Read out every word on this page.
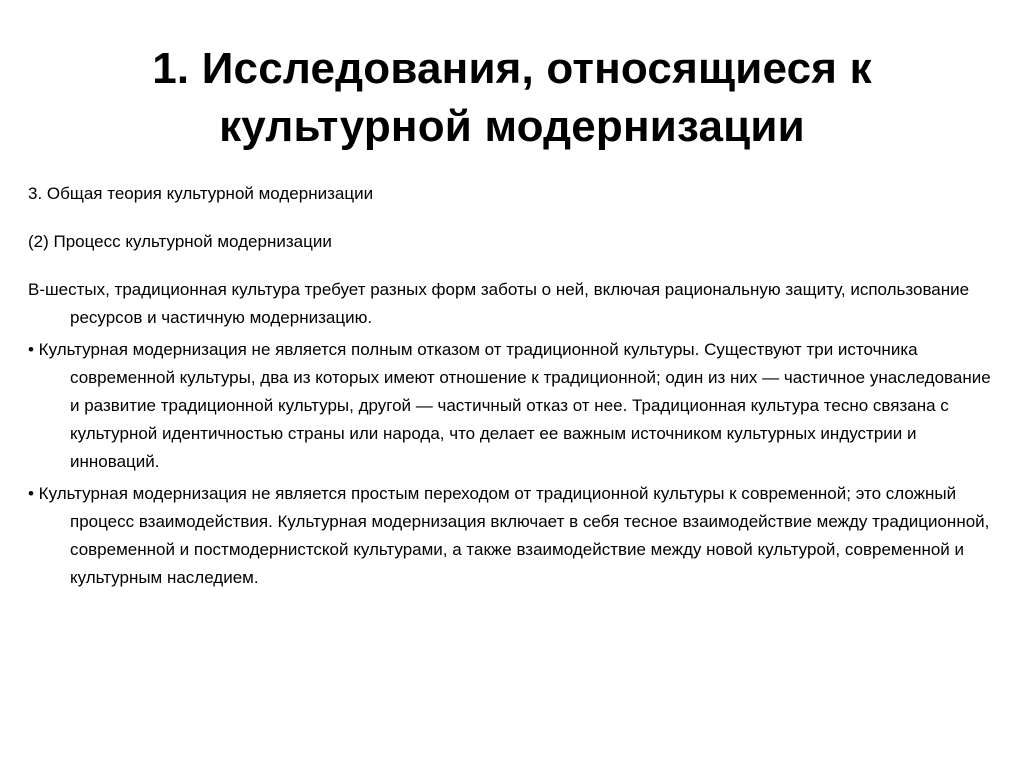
1. Исследования, относящиеся к культурной модернизации

3. Общая теория культурной модернизации

(2) Процесс культурной модернизации

В-шестых, традиционная культура требует разных форм заботы о ней, включая рациональную защиту, использование ресурсов и частичную модернизацию.

• Культурная модернизация не является полным отказом от традиционной культуры. Существуют три источника современной культуры, два из которых имеют отношение к традиционной; один из них — частичное унаследование и развитие традиционной культуры, другой — частичный отказ от нее. Традиционная культура тесно связана с культурной идентичностью страны или народа, что делает ее важным источником культурных индустрии и инноваций.

• Культурная модернизация не является простым переходом от традиционной культуры к современной; это сложный процесс взаимодействия. Культурная модернизация включает в себя тесное взаимодействие между традиционной, современной и постмодернистской культурами, а также взаимодействие между новой культурой, современной и культурным наследием.
